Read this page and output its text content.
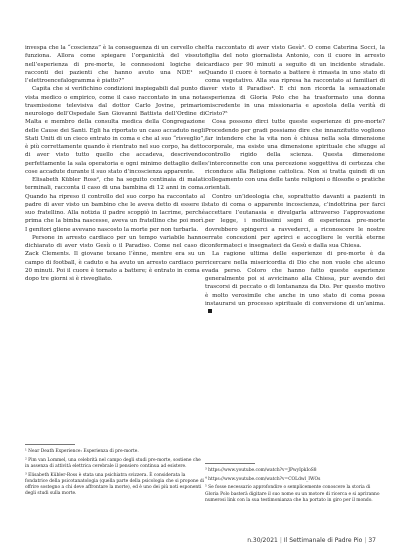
invespa che la “coscienza” è la conseguenza di un cervello che funziona. Allora come spiegare l’organicità del vissuto nell’esperienza di pre-morte, le connessioni logiche dei racconti dei pazienti che hanno avuto una NDE¹ se l’elettroencefalogramma è piatto?”

Capita che si verifichino condizioni inspiegabili dal punto di vista medico o empirico, come il caso raccontato in una nota trasmissione televisiva dal dottor Carlo Jovine, primario neurologo dell’Ospedale San Giovanni Battista dell’Ordine di Malta e membro della consulta medica della Congregazione delle Cause dei Santi. Egli ha riportato un caso accaduto negli Stati Uniti di un cieco entrato in coma e che al suo “risveglio”, è più correttamente quando è rientrato nel suo corpo, ha detto di aver visto tutto quello che accadeva, descrivendo perfettamente la sala operatoria e ogni minimo dettaglio delle cose accadute durante il suo stato d’incoscienza apparente.

Elisabeth Kübler Ross², che ha seguito centinaia di malati terminali, racconta il caso di una bambina di 12 anni in coma. Quando ha ripreso il controllo del suo corpo ha raccontato al padre di aver visto un bambino che le aveva detto di essere il suo fratellino. Alla notizia il padre scoppiò in lacrime, perché prima che la bimba nascesse, aveva un fratellino che poi morì. I genitori gliene avevano nascosto la morte per non turbarla.

Persone in arresto cardiaco per un tempo variabile hanno dichiarato di aver visto Gesù o il Paradiso. Come nel caso di Zack Clements. Il giovane texano l’ènne, mentre era su un campo di football, è caduto e ha avuto un arresto cardiaco per 20 minuti. Poi il cuore è tornato a battere; è entrato in coma e dopo tre giorni si è risvegliato.

Ha raccontato di aver visto Gesù³. O come Caterina Socci, la figlia del noto giornalista Antonio, con il cuore in arresto cardiaco per 90 minuti a seguito di un incidente stradale. Quando il cuore è tornato a battere è rimasta in uno stato di coma vegetativo. Alla sua ripresa ha raccontato ai familiari di aver visto il Paradiso⁴. E chi non ricorda la sensazionale esperienza di Gloria Polo che ha trasformato una donna miscredente in una missionaria e apostola della verità di Cristo?⁵

Cosa possono dirci tutte queste esperienze di pre-morte? Procedendo per gradi possiamo dire che innanzitutto vogliono far intendere che la vita non è chiusa nella sola dimensione corporale, ma esiste una dimensione spirituale che sfugge al controllo rigido della scienza. Questa dimensione s’interconnette con una percezione soggettiva di certezza che riconduce alla Religione cattolica. Non si tratta quindi di un collegamento con una delle tante religioni o filosofie o pratiche orientali.

Contro un’ideologia che, soprattutto davanti a pazienti in stato di coma o apparente incoscienza, c’indottrina per farci accettare l’eutanasia e divulgarla attraverso l’approvazione per legge, i moltissimi segni di esperienza pre-morte dovrebbero spingerci a ravvederci, a riconoscere le nostre errate concezioni per aprirci e accogliere le verità eterne confermateci e insegnateci da Gesù e dalla sua Chiesa.

La ragione ultima delle esperienze di pre-morte è da ricercare nella misericordia di Dio che non vuole che alcuno vada perso. Coloro che hanno fatto queste esperienze generalmente poi si avvicinano alla Chiesa, pur avendo dei trascorsi di peccato o di lontananza da Dio. Per questo motivo è molto verosimile che anche in uno stato di coma possa instaurarsi un processo spirituale di conversione di un’anima.

¹ Near Death Experience: Esperienza di pre-morte.

² Pim van Lommel, una celebrità nel campo degli studi pre-morte, sostiene che in assenza di attività elettrica cerebrale il pensiero continua ad esistere.

³ Elisabeth Kübler-Ross è stata una psichiatra svizzera. È considerata la fondatrice della psicotanatologia (quella parte della psicologia che si propone di offrire sostegno a chi deve affrontare la morte), ed è uno dei più noti esponenti degli studi sulla morte.

³ https://www.youtube.com/watch?v=JPwyIpkIoS8

⁴ https://www.youtube.com/watch?v=COLdwl_IWOs

⁵ Se fosse necessario approfondire o semplicemente conoscere la storia di Gloria Polo basterà digitare il suo nome su un motore di ricerca e si apriranno numerosi link con la sua testimonianza che ha portato in giro per il mondo.

n.30/2021 | Il Settimanale di Padre Pio | 37
